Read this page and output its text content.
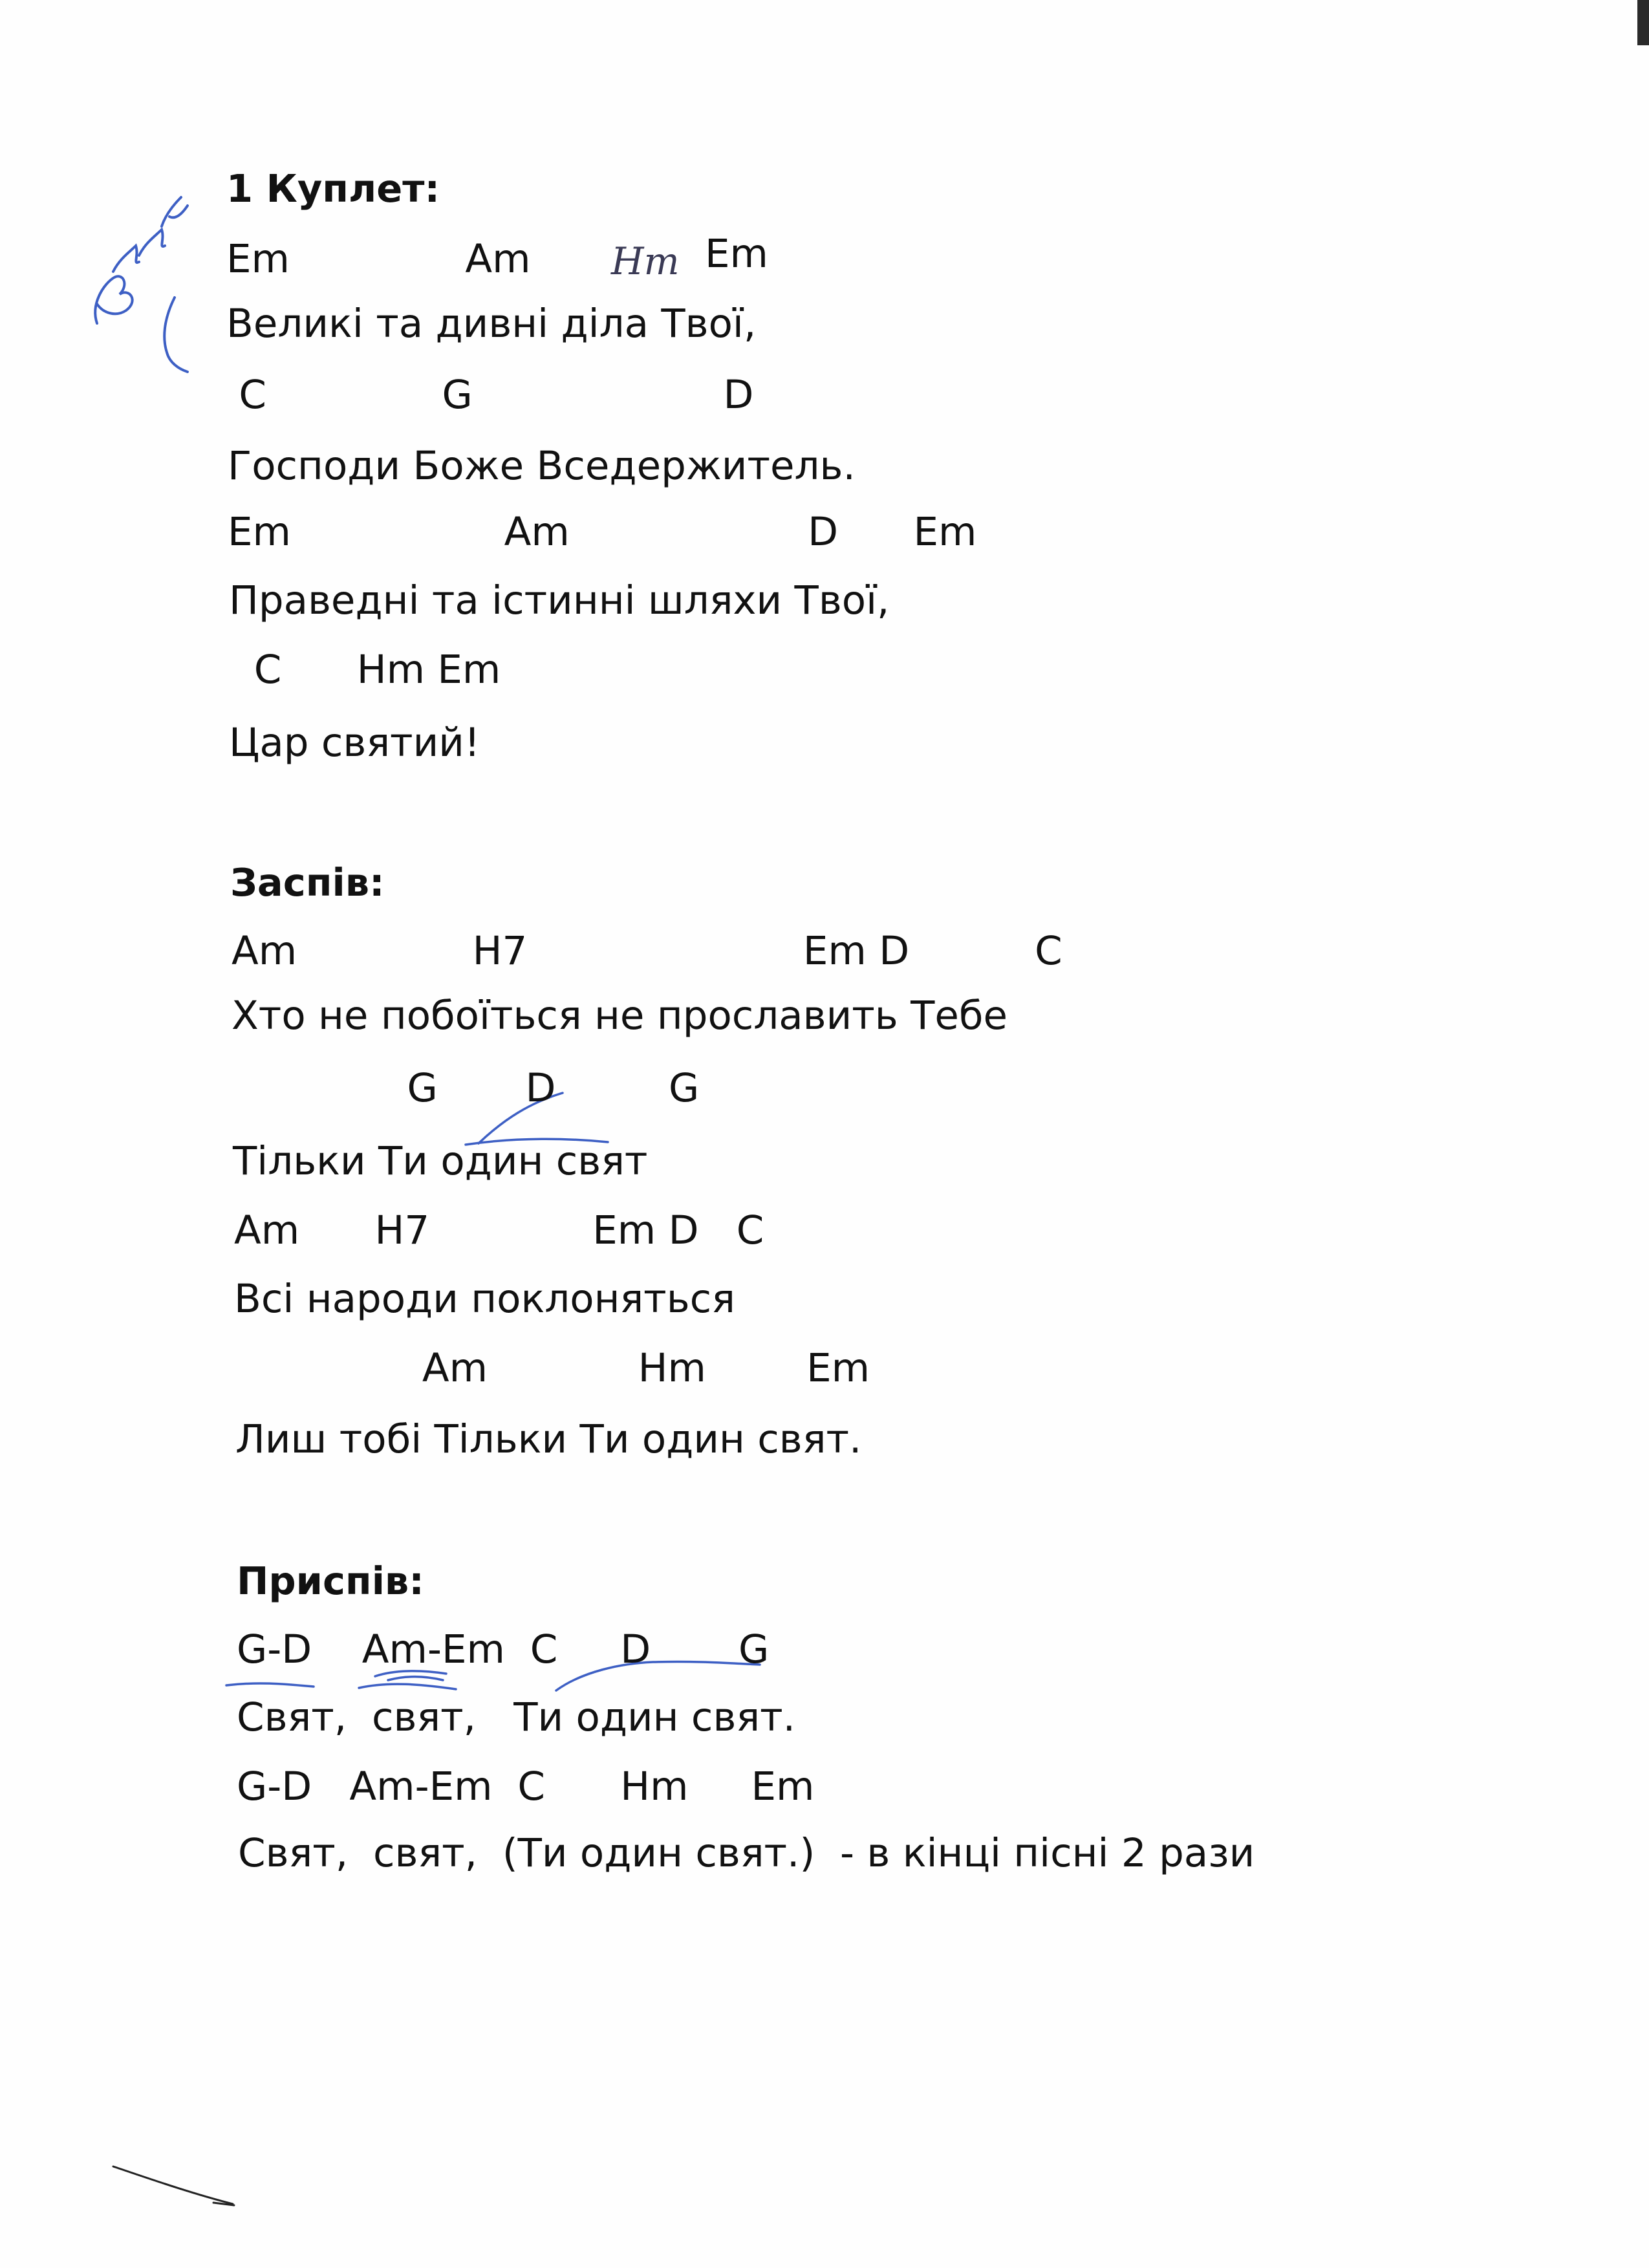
Hm
1 Куплет:
Em              Am	Em
Великі та дивні діла Твої,
C              G                    D
Господи Боже Вседержитель.
Em                 Am                   D      Em
Праведні та істинні шляхи Твої,
C      Hm Em
Цар святий!
Заспів:
Am              H7                      Em D          C
Хто не побоїться не прославить Тебе
G       D         G
Тільки Ти один свят
Am      H7             Em D   C
Всі народи поклоняться
Am            Hm        Em
Лиш тобі Тільки Ти один свят.
Приспів:
G-D    Am-Em  C     D       G
Свят,  свят,   Ти один свят.
G-D   Am-Em  C      Hm     Em
Свят,  свят,  (Ти один свят.)  - в кінці пісні 2 рази
